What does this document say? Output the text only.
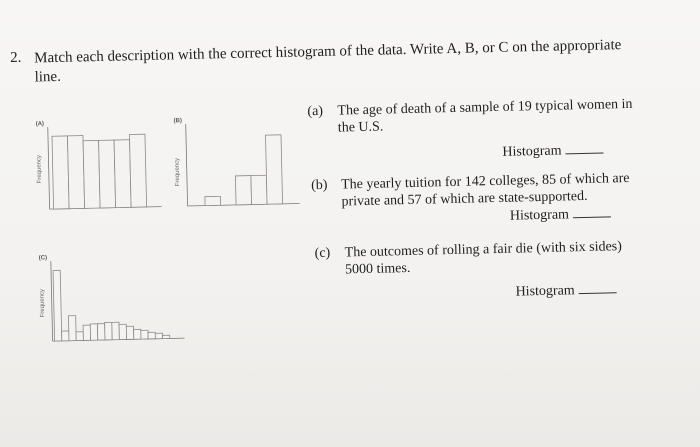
2. Match each description with the correct histogram of the data. Write A, B, or C on the appropriate
line.
(A)
Frequency
(B)
Frequency
(C)
Frequency
(a) The age of death of a sample of 19 typical women in
the U.S.
Histogram
(b) The yearly tuition for 142 colleges, 85 of which are
private and 57 of which are state-supported.
Histogram
(c) The outcomes of rolling a fair die (with six sides)
5000 times.
Histogram
